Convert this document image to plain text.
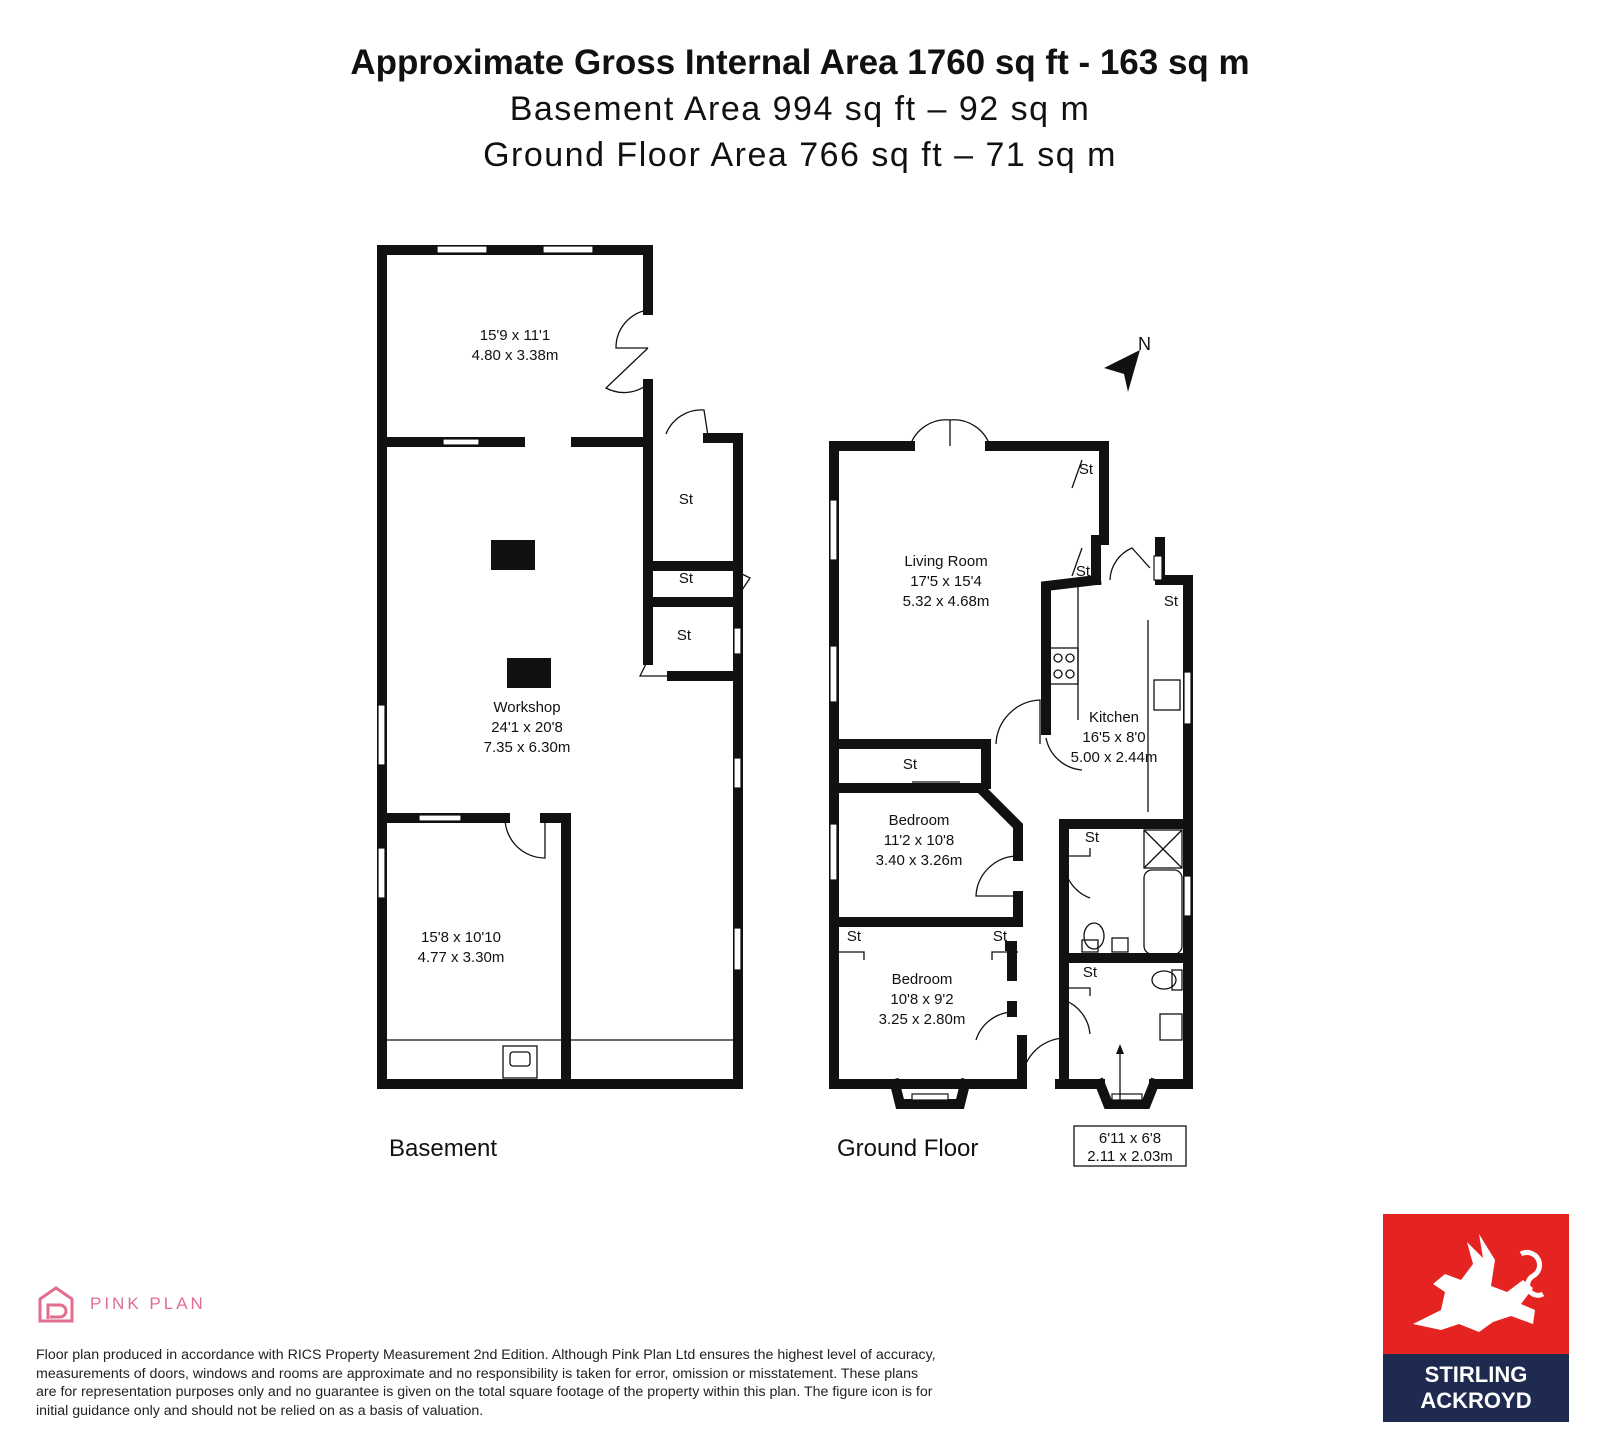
Approximate Gross Internal Area 1760 sq ft - 163 sq m
Basement Area 994 sq ft – 92 sq m
Ground Floor Area 766 sq ft – 71 sq m
15'9 x 11'1
4.80 x 3.38m
St
St
St
Workshop
24'1 x 20'8
7.35 x 6.30m
15'8 x 10'10
4.77 x 3.30m
Basement
Living Room
17'5 x 15'4
5.32 x 4.68m
Kitchen
16'5 x 8'0
5.00 x 2.44m
Bedroom
11'2 x 10'8
3.40 x 3.26m
Bedroom
10'8 x 9'2
3.25 x 2.80m
6'11 x 6'8
2.11 x 2.03m
St
St
St
St
St
St	St
St
Ground Floor
N
PINK PLAN
Floor plan produced in accordance with RICS Property Measurement 2nd Edition. Although Pink Plan Ltd ensures the highest level of accuracy, measurements of doors, windows and rooms are approximate and no responsibility is taken for error, omission or misstatement. These plans are for representation purposes only and no guarantee is given on the total square footage of the property within this plan. The figure icon is for initial guidance only and should not be relied on as a basis of valuation.
STIRLING
ACKROYD
